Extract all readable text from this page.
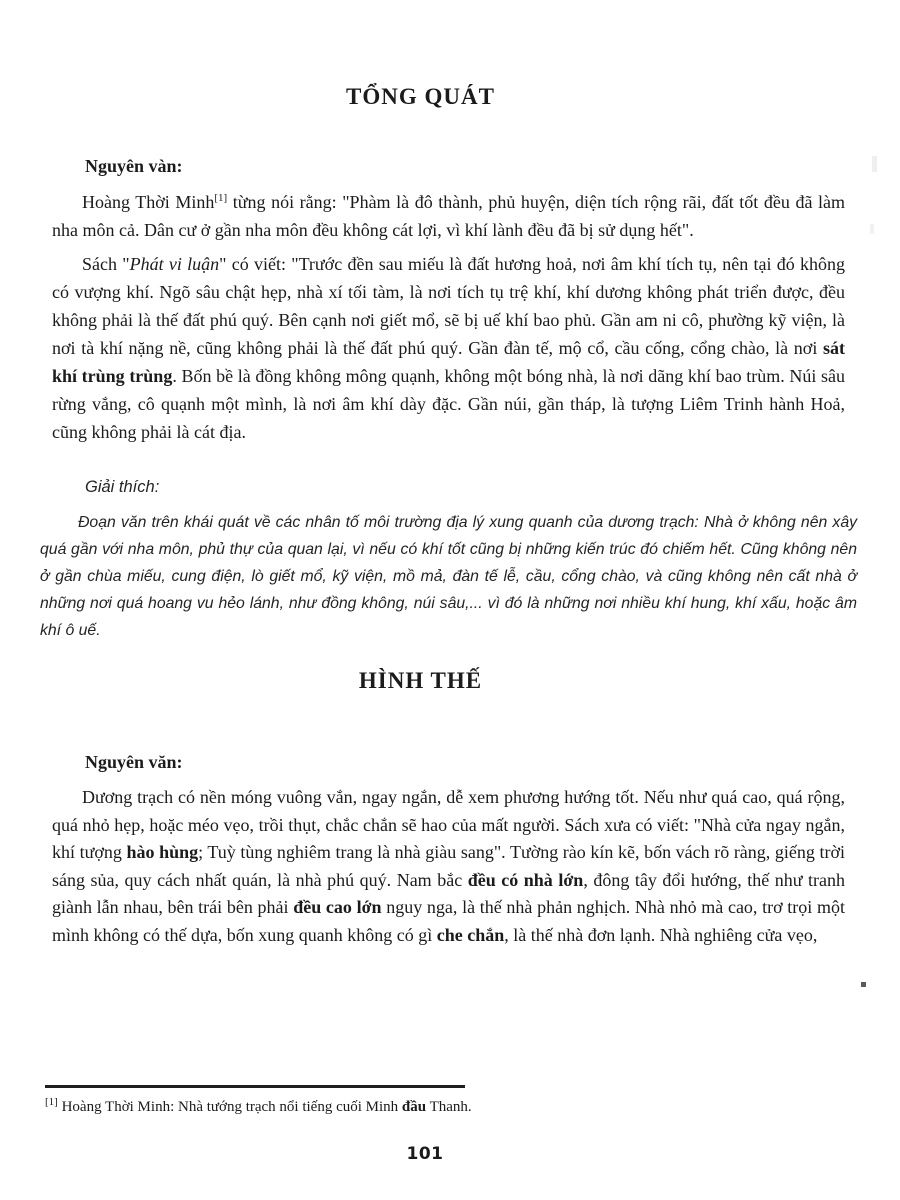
TỔNG QUÁT
Nguyên vàn:

Hoàng Thời Minh[1] từng nói rằng: "Phàm là đô thành, phủ huyện, diện tích rộng rãi, đất tốt đều đã làm nha môn cả. Dân cư ở gần nha môn đều không cát lợi, vì khí lành đều đã bị sử dụng hết".

Sách "Phát vi luận" có viết: "Trước đền sau miếu là đất hương hoả, nơi âm khí tích tụ, nên tại đó không có vượng khí. Ngõ sâu chật hẹp, nhà xí tối tàm, là nơi tích tụ trệ khí, khí dương không phát triển được, đều không phải là thế đất phú quý. Bên cạnh nơi giết mổ, sẽ bị uế khí bao phủ. Gần am ni cô, phường kỹ viện, là nơi tà khí nặng nề, cũng không phải là thế đất phú quý. Gần đàn tế, mộ cổ, cầu cống, cổng chào, là nơi sát khí trùng trùng. Bốn bề là đồng không mông quạnh, không một bóng nhà, là nơi dãng khí bao trùm. Núi sâu rừng vắng, cô quạnh một mình, là nơi âm khí dày đặc. Gần núi, gần tháp, là tượng Liêm Trinh hành Hoả, cũng không phải là cát địa.

Giải thích:

Đoạn văn trên khái quát về các nhân tố môi trường địa lý xung quanh của dương trạch: Nhà ở không nên xây quá gần với nha môn, phủ thự của quan lại, vì nếu có khí tốt cũng bị những kiến trúc đó chiếm hết. Cũng không nên ở gần chùa miếu, cung điện, lò giết mổ, kỹ viện, mồ mả, đàn tế lễ, cầu, cổng chào, và cũng không nên cất nhà ở những nơi quá hoang vu hẻo lánh, như đồng không, núi sâu,... vì đó là những nơi nhiều khí hung, khí xấu, hoặc âm khí ô uế.

HÌNH THẾ
Nguyên văn:

Dương trạch có nền móng vuông vắn, ngay ngắn, dễ xem phương hướng tốt. Nếu như quá cao, quá rộng, quá nhỏ hẹp, hoặc méo vẹo, trồi thụt, chắc chắn sẽ hao của mất người. Sách xưa có viết: "Nhà cửa ngay ngắn, khí tượng hào hùng; Tuỳ tùng nghiêm trang là nhà giàu sang". Tường rào kín kẽ, bốn vách rõ ràng, giếng trời sáng sủa, quy cách nhất quán, là nhà phú quý. Nam bắc đều có nhà lớn, đông tây đổi hướng, thế như tranh giành lẫn nhau, bên trái bên phải đều cao lớn nguy nga, là thế nhà phản nghịch. Nhà nhỏ mà cao, trơ trọi một mình không có thế dựa, bốn xung quanh không có gì che chắn, là thế nhà đơn lạnh. Nhà nghiêng cửa vẹo,

[1] Hoàng Thời Minh: Nhà tướng trạch nổi tiếng cuối Minh đầu Thanh.
101
